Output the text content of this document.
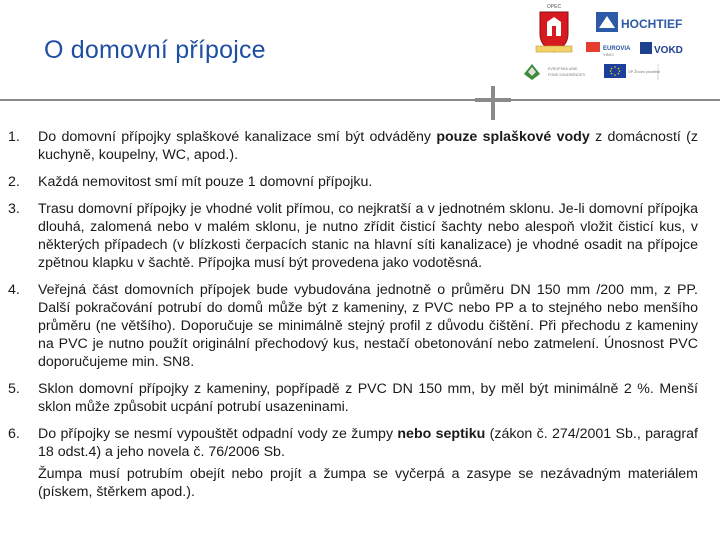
O domovní přípojce
OPEC
HOCHTIEF
EUROVIA
VINCI	VOKD
EVROPSKÁ UNIE
FOND SOUDRŽNOSTI
OP Životní prostředí
1.	Do domovní přípojky splaškové kanalizace smí být odváděny pouze splaškové vody z domácností (z kuchyně, koupelny, WC, apod.).
2.	Každá nemovitost smí mít pouze 1 domovní přípojku.
3.	Trasu domovní přípojky je vhodné volit přímou, co nejkratší a v jednotném sklonu. Je-li domovní přípojka dlouhá, zalomená nebo v malém sklonu, je nutno zřídit čisticí šachty nebo alespoň vložit čisticí kus, v některých případech (v blízkosti čerpacích stanic na hlavní síti kanalizace) je vhodné osadit na přípojce zpětnou klapku v šachtě. Přípojka musí být provedena jako vodotěsná.
4.	Veřejná část domovních přípojek bude vybudována jednotně o průměru DN 150 mm /200 mm, z PP. Další pokračování potrubí do domů může být z kameniny, z PVC nebo PP a to stejného nebo menšího průměru (ne většího). Doporučuje se minimálně stejný profil z důvodu čištění. Při přechodu z kameniny na PVC je nutno použít originální přechodový kus, nestačí obetonování nebo zatmelení. Únosnost PVC doporučujeme min. SN8.
5.	Sklon domovní přípojky z kameniny, popřípadě z PVC DN 150 mm, by měl být minimálně 2 %. Menší sklon může způsobit ucpání potrubí usazeninami.
6.	Do přípojky se nesmí vypouštět odpadní vody ze žumpy nebo septiku (zákon č. 274/2001 Sb., paragraf 18 odst.4) a jeho novela č. 76/2006 Sb.
Žumpa musí potrubím obejít nebo projít a žumpa se vyčerpá a zasype se nezávadným materiálem (pískem, štěrkem apod.).
